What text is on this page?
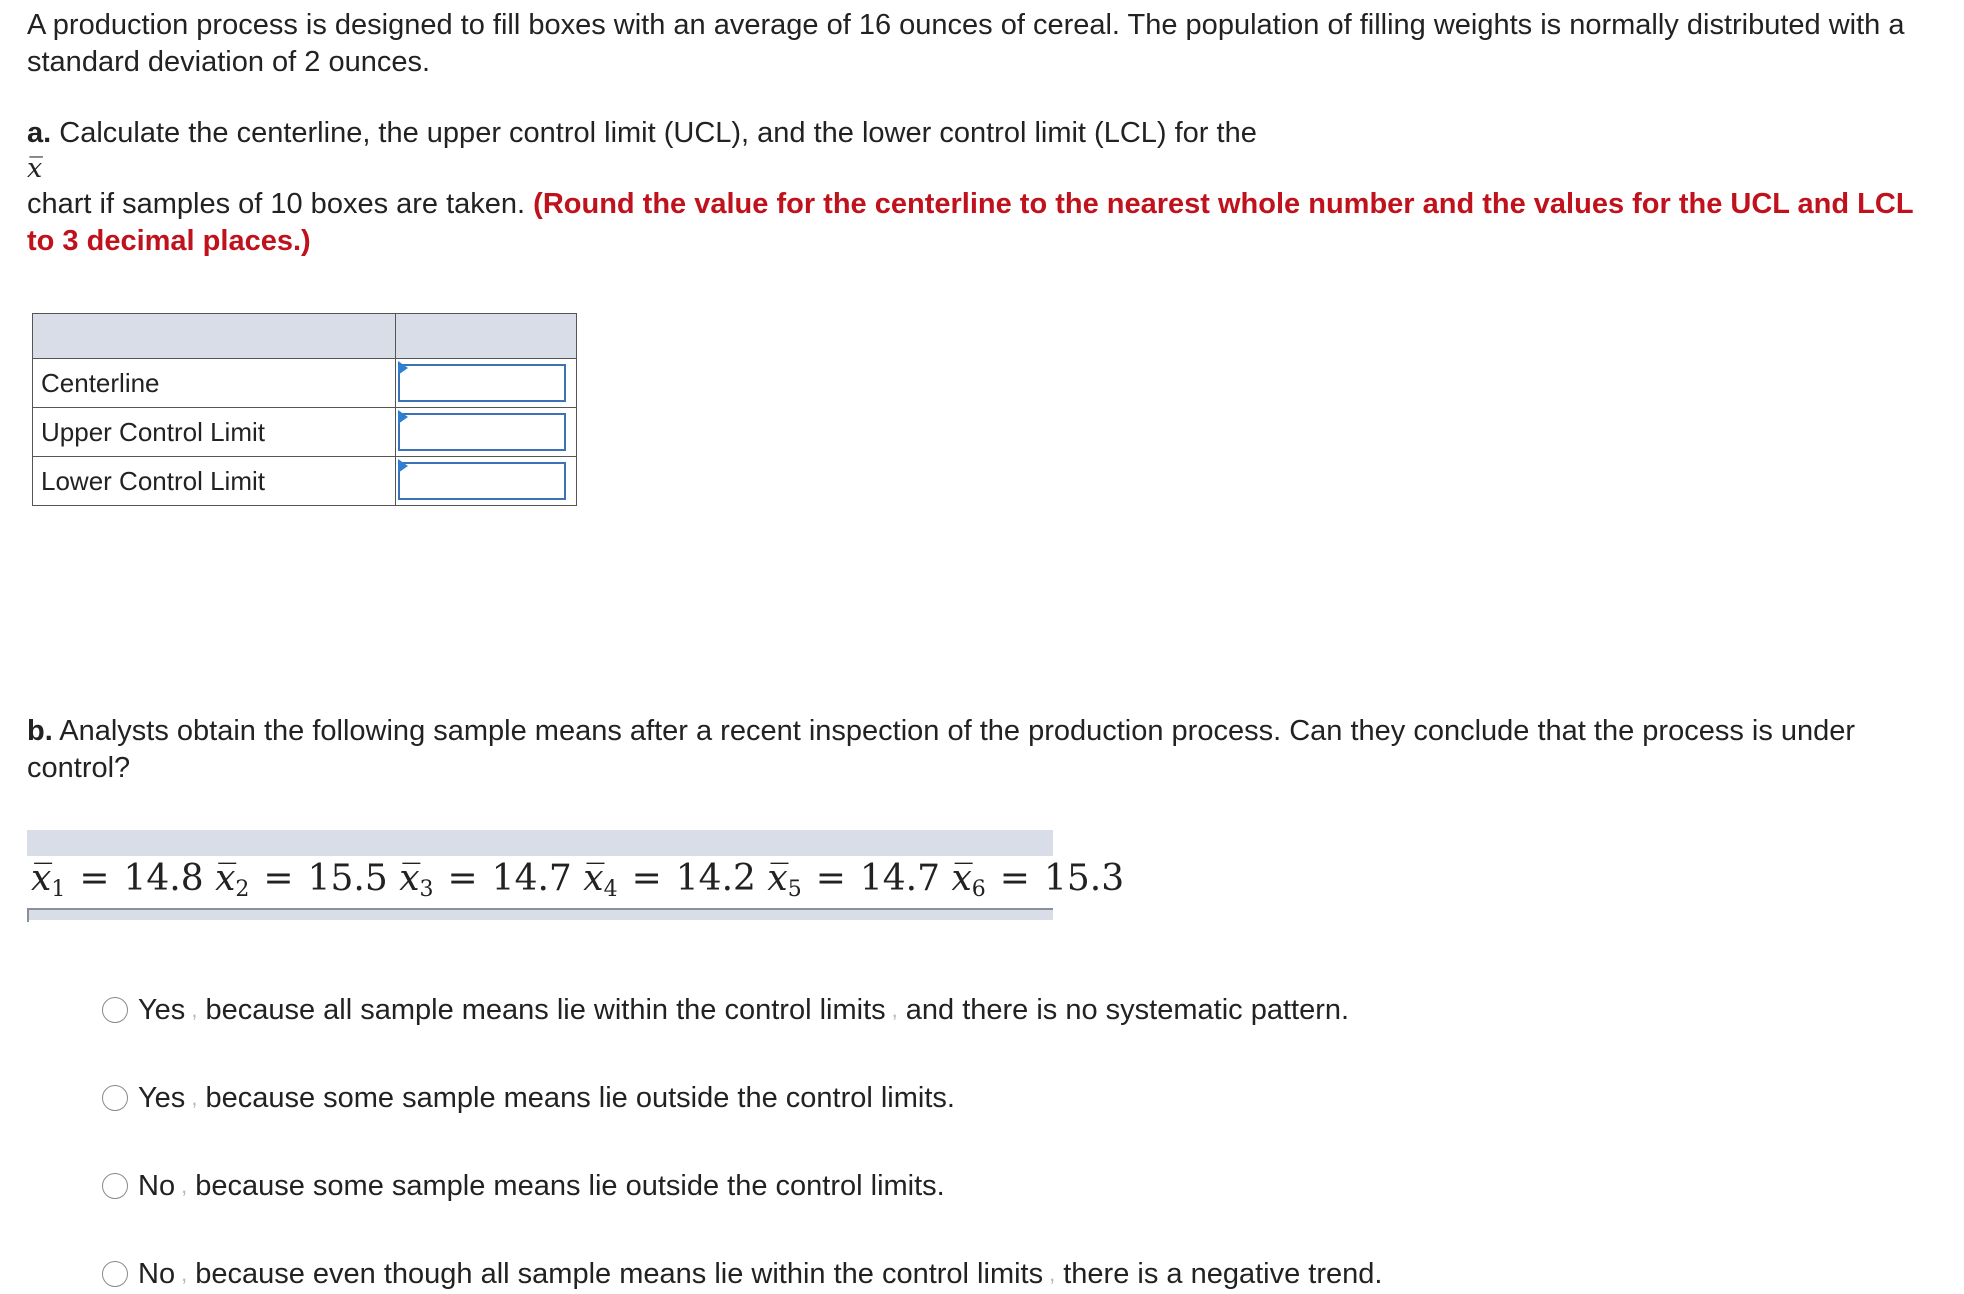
A production process is designed to fill boxes with an average of 16 ounces of cereal. The population of filling weights is normally distributed with a standard deviation of 2 ounces.

a. Calculate the centerline, the upper control limit (UCL), and the lower control limit (LCL) for the

x̅

chart if samples of 10 boxes are taken. (Round the value for the centerline to the nearest whole number and the values for the UCL and LCL to 3 decimal places.)

Centerline	

Upper Control Limit	

Lower Control Limit	

b. Analysts obtain the following sample means after a recent inspection of the production process. Can they conclude that the process is under control?

x̅1 = 14.8 x̅2 = 15.5 x̅3 = 14.7 x̅4 = 14.2 x̅5 = 14.7 x̅6 = 15.3
Yes , because all sample means lie within the control limits , and there is no systematic pattern.
Yes , because some sample means lie outside the control limits.
No , because some sample means lie outside the control limits.
No , because even though all sample means lie within the control limits , there is a negative trend.
